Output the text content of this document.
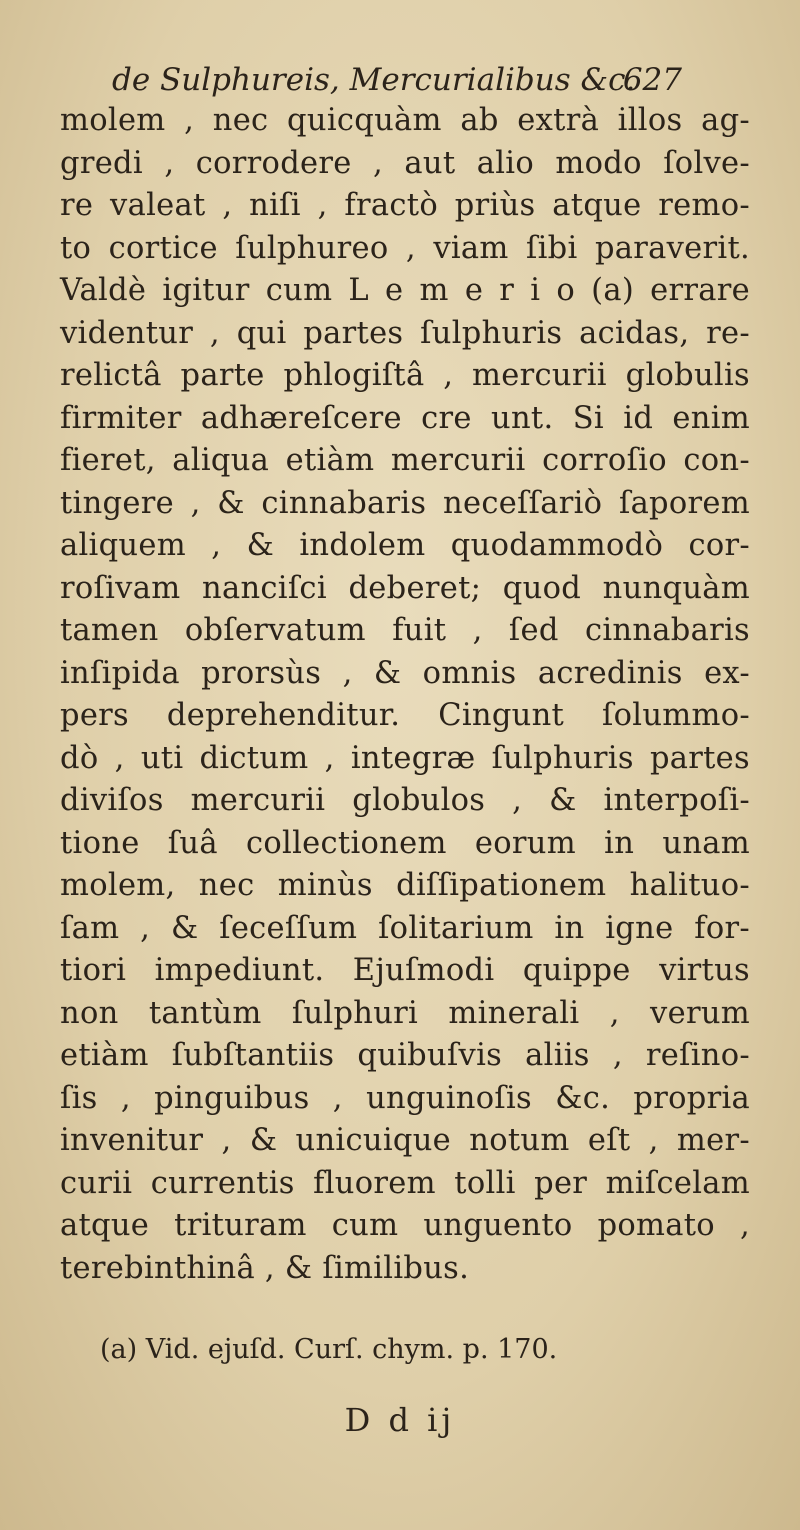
de Sulphureis, Mercurialibus &c.
627
molem , nec quicquàm ab extrà illos ag-
gredi , corrodere , aut alio modo ſolve-
re valeat , niſi , fractò priùs atque remo-
to cortice ſulphureo , viam ſibi paraverit.
Valdè igitur cum L e m e r i o (a) errare
videntur , qui partes ſulphuris acidas, re-
relictâ parte phlogiſtâ , mercurii globulis
firmiter adhæreſcere cre unt. Si id enim
fieret, aliqua etiàm mercurii corroſio con-
tingere , & cinnabaris neceſſariò ſaporem
aliquem , & indolem quodammodò cor-
roſivam nanciſci deberet; quod nunquàm
tamen obſervatum fuit , ſed cinnabaris
inſipida prorsùs , & omnis acredinis ex-
pers deprehenditur. Cingunt ſolummo-
dò , uti dictum , integræ ſulphuris partes
diviſos mercurii globulos , & interpoſi-
tione ſuâ collectionem eorum in unam
molem, nec minùs diſſipationem halituo-
ſam , & ſeceſſum ſolitarium in igne for-
tiori impediunt. Ejuſmodi quippe virtus
non tantùm ſulphuri minerali , verum
etiàm ſubſtantiis quibuſvis aliis , reſino-
ſis , pinguibus , unguinoſis &c. propria
invenitur , & unicuique notum eſt , mer-
curii currentis fluorem tolli per miſcelam
atque trituram cum unguento pomato ,
terebinthinâ , & ſimilibus.
(a) Vid. ejuſd. Curſ. chym. p. 170.
D d ij
